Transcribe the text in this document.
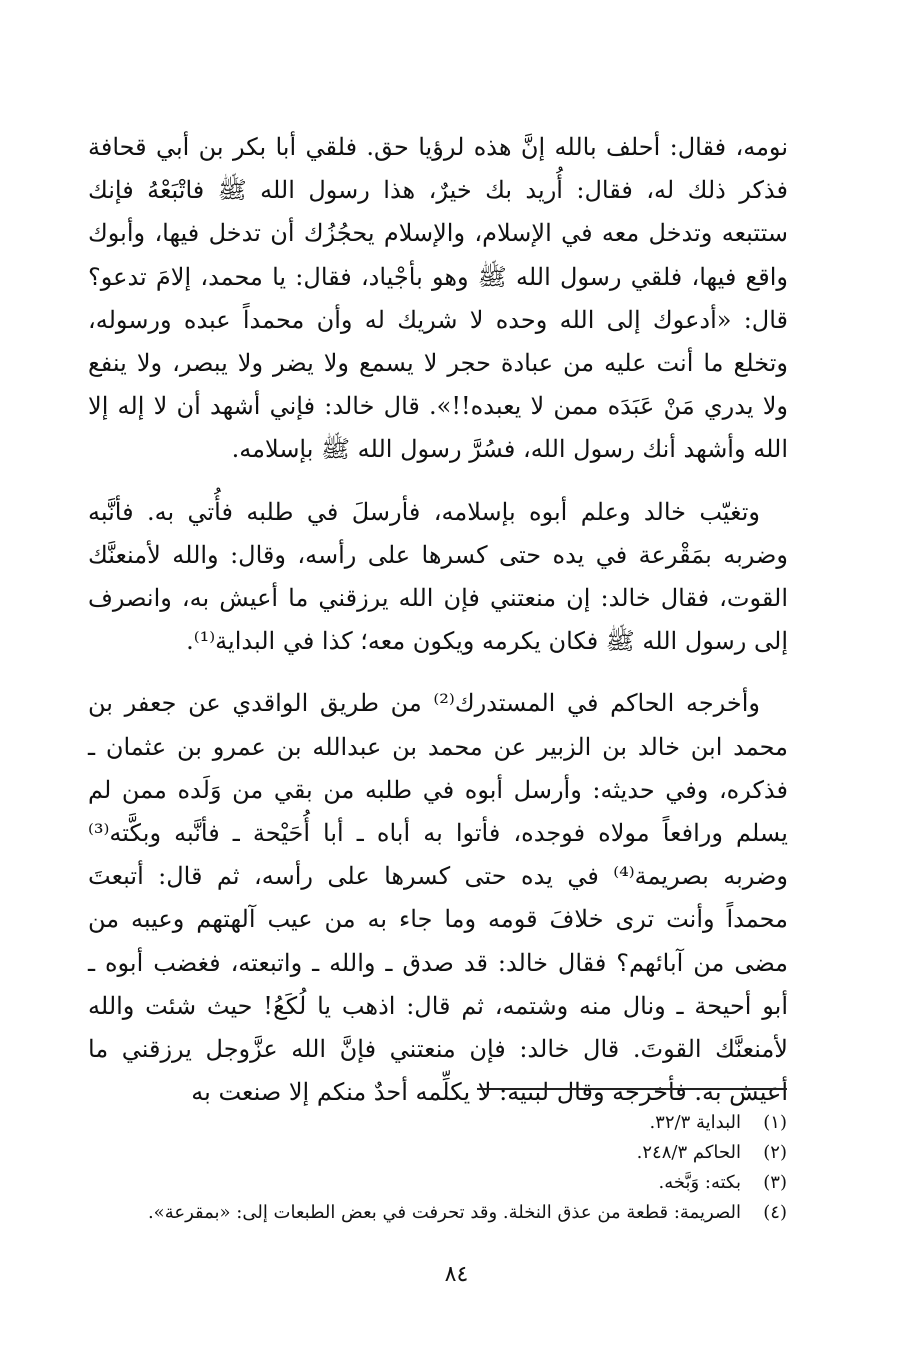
نومه، فقال: أحلف بالله إنَّ هذه لرؤيا حق. فلقي أبا بكر بن أبي قحافة فذكر ذلك له، فقال: أُريد بك خيرٌ، هذا رسول الله ﷺ فاتْبَعْهُ فإنك ستتبعه وتدخل معه في الإسلام، والإسلام يحجُزُك أن تدخل فيها، وأبوك واقع فيها، فلقي رسول الله ﷺ وهو بأجْياد، فقال: يا محمد، إلامَ تدعو؟ قال: «أدعوك إلى الله وحده لا شريك له وأن محمداً عبده ورسوله، وتخلع ما أنت عليه من عبادة حجر لا يسمع ولا يضر ولا يبصر، ولا ينفع ولا يدري مَنْ عَبَدَه ممن لا يعبده!!». قال خالد: فإني أشهد أن لا إله إلا الله وأشهد أنك رسول الله، فسُرَّ رسول الله ﷺ بإسلامه.

وتغيّب خالد وعلم أبوه بإسلامه، فأرسلَ في طلبه فأُتي به. فأنَّبه وضربه بمَقْرعة في يده حتى كسرها على رأسه، وقال: والله لأمنعنَّك القوت، فقال خالد: إن منعتني فإن الله يرزقني ما أعيش به، وانصرف إلى رسول الله ﷺ فكان يكرمه ويكون معه؛ كذا في البداية⁽¹⁾.

وأخرجه الحاكم في المستدرك⁽²⁾ من طريق الواقدي عن جعفر بن محمد ابن خالد بن الزبير عن محمد بن عبدالله بن عمرو بن عثمان ـ فذكره، وفي حديثه: وأرسل أبوه في طلبه من بقي من وَلَده ممن لم يسلم ورافعاً مولاه فوجده، فأتوا به أباه ـ أبا أُحَيْحة ـ فأنَّبه وبكَّته⁽³⁾ وضربه بصريمة⁽⁴⁾ في يده حتى كسرها على رأسه، ثم قال: أتبعتَ محمداً وأنت ترى خلافَ قومه وما جاء به من عيب آلهتهم وعيبه من مضى من آبائهم؟ فقال خالد: قد صدق ـ والله ـ واتبعته، فغضب أبوه ـ أبو أحيحة ـ ونال منه وشتمه، ثم قال: اذهب يا لُكَعُ! حيث شئت والله لأمنعنَّك القوتَ. قال خالد: فإن منعتني فإنَّ الله عزَّوجل يرزقني ما أعيش به. فأخرجه وقال لبنيه: لا يكلِّمه أحدٌ منكم إلا صنعت به

(١)
البداية ٣٢/٣.
(٢)
الحاكم ٢٤٨/٣.
(٣)
بكته: وَبَّخه.
(٤)
الصريمة: قطعة من عذق النخلة. وقد تحرفت في بعض الطبعات إلى: «بمقرعة».
٨٤
